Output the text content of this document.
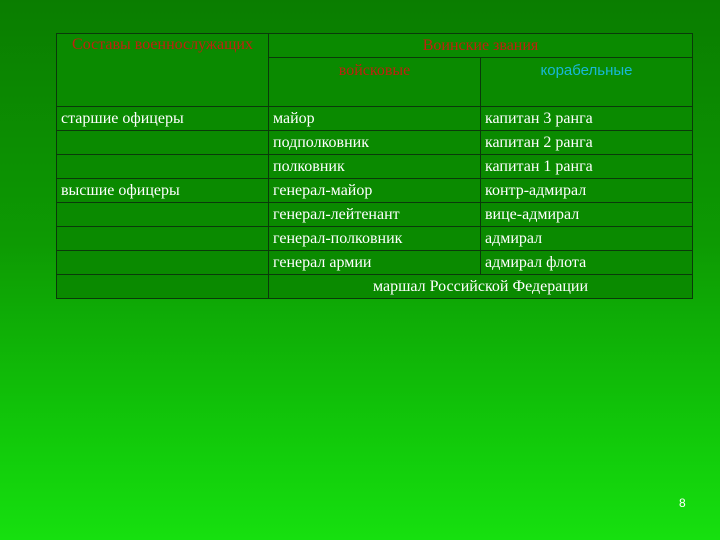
Составы военнослужащих	Воинские звания	
	войсковые	корабельные
старшие офицеры	майор	капитан 3 ранга
	подполковник	капитан 2 ранга
	полковник	капитан 1 ранга
высшие офицеры	генерал-майор	контр-адмирал
	генерал-лейтенант	вице-адмирал
	генерал-полковник	адмирал
	генерал армии	адмирал флота
	маршал Российской Федерации	
8
